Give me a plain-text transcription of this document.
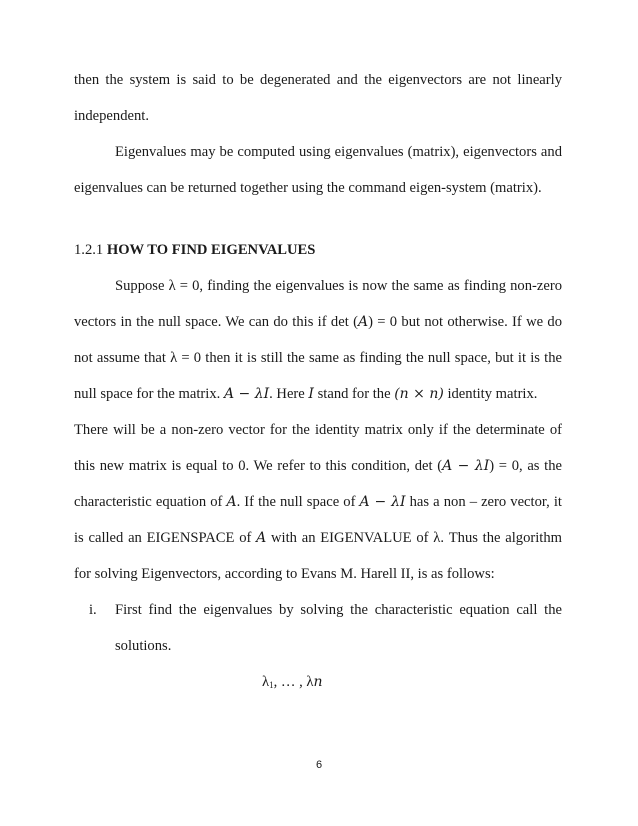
then the system is said to be degenerated and the eigenvectors are not linearly
independent.
Eigenvalues may be computed using eigenvalues (matrix), eigenvectors and
eigenvalues can be returned together using the command eigen-system (matrix).
1.2.1 HOW TO FIND EIGENVALUES
Suppose λ = 0, finding the eigenvalues is now the same as finding non-zero
vectors in the null space. We can do this if det (A) = 0 but not otherwise. If we do
not assume that λ = 0 then it is still the same as finding the null space, but it is the
null space for the matrix. A − λI. Here I stand for the (n × n) identity matrix.
There will be a non-zero vector for the identity matrix only if the determinate of
this new matrix is equal to 0. We refer to this condition, det (A − λI) = 0, as the
characteristic equation of A. If the null space of A − λI has a non – zero vector, it
is called an EIGENSPACE of A with an EIGENVALUE of λ. Thus the algorithm
for solving Eigenvectors, according to Evans M. Harell II, is as follows:
i. First find the eigenvalues by solving the characteristic equation call the
solutions.
$\lambda_1$, … , λn
6
